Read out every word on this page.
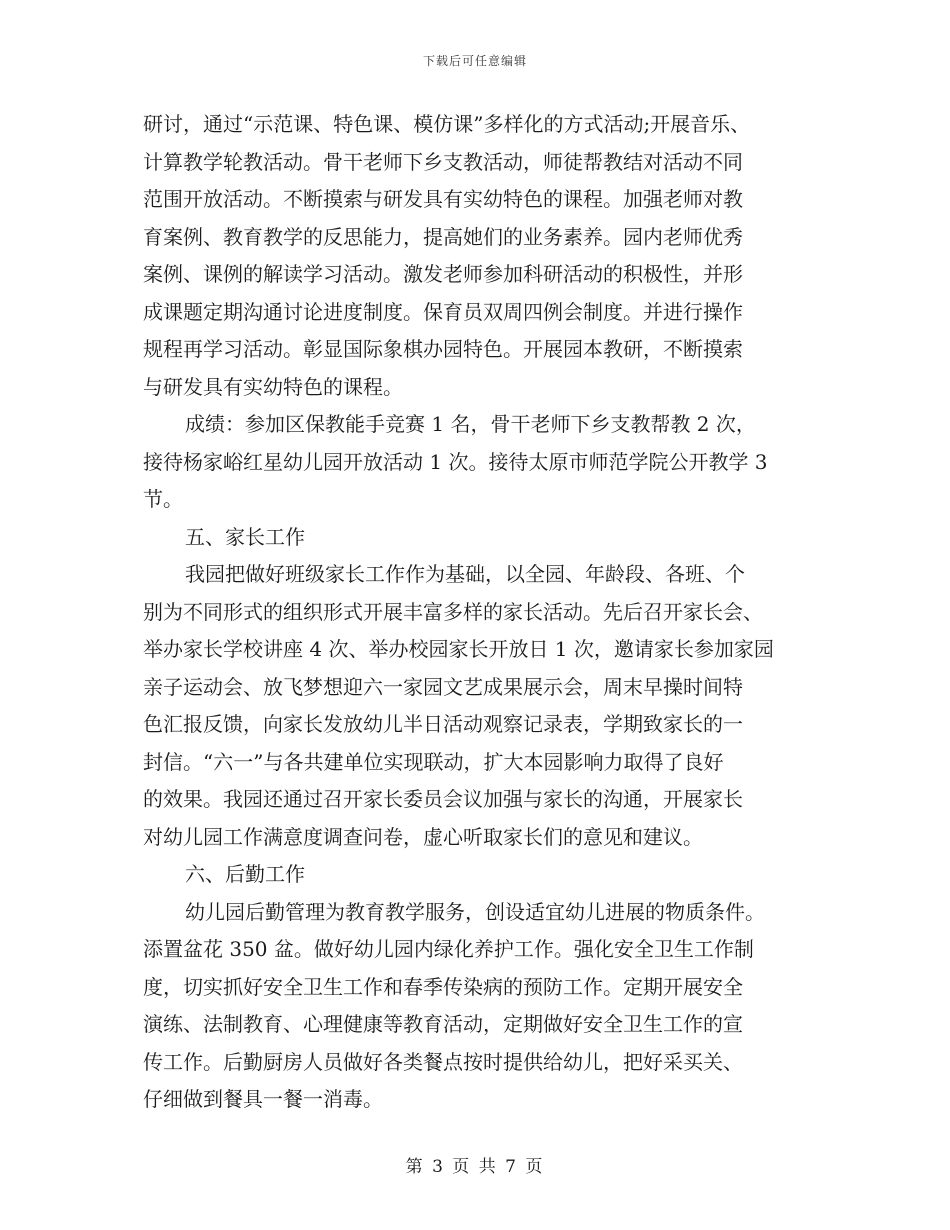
下载后可任意编辑
研讨，通过“示范课、特色课、模仿课”多样化的方式活动;开展音乐、
计算教学轮教活动。骨干老师下乡支教活动，师徒帮教结对活动不同
范围开放活动。不断摸索与研发具有实幼特色的课程。加强老师对教
育案例、教育教学的反思能力，提高她们的业务素养。园内老师优秀
案例、课例的解读学习活动。激发老师参加科研活动的积极性，并形
成课题定期沟通讨论进度制度。保育员双周四例会制度。并进行操作
规程再学习活动。彰显国际象棋办园特色。开展园本教研，不断摸索
与研发具有实幼特色的课程。
成绩：参加区保教能手竞赛 1 名，骨干老师下乡支教帮教 2 次，
接待杨家峪红星幼儿园开放活动 1 次。接待太原市师范学院公开教学 3
节。
五、家长工作
我园把做好班级家长工作作为基础，以全园、年龄段、各班、个
别为不同形式的组织形式开展丰富多样的家长活动。先后召开家长会、
举办家长学校讲座 4 次、举办校园家长开放日 1 次，邀请家长参加家园
亲子运动会、放飞梦想迎六一家园文艺成果展示会，周末早操时间特
色汇报反馈，向家长发放幼儿半日活动观察记录表，学期致家长的一
封信。“六一”与各共建单位实现联动，扩大本园影响力取得了良好
的效果。我园还通过召开家长委员会议加强与家长的沟通，开展家长
对幼儿园工作满意度调查问卷，虚心听取家长们的意见和建议。
六、后勤工作
幼儿园后勤管理为教育教学服务，创设适宜幼儿进展的物质条件。
添置盆花 350 盆。做好幼儿园内绿化养护工作。强化安全卫生工作制
度，切实抓好安全卫生工作和春季传染病的预防工作。定期开展安全
演练、法制教育、心理健康等教育活动，定期做好安全卫生工作的宣
传工作。后勤厨房人员做好各类餐点按时提供给幼儿，把好采买关、
仔细做到餐具一餐一消毒。
第 3 页 共 7 页
